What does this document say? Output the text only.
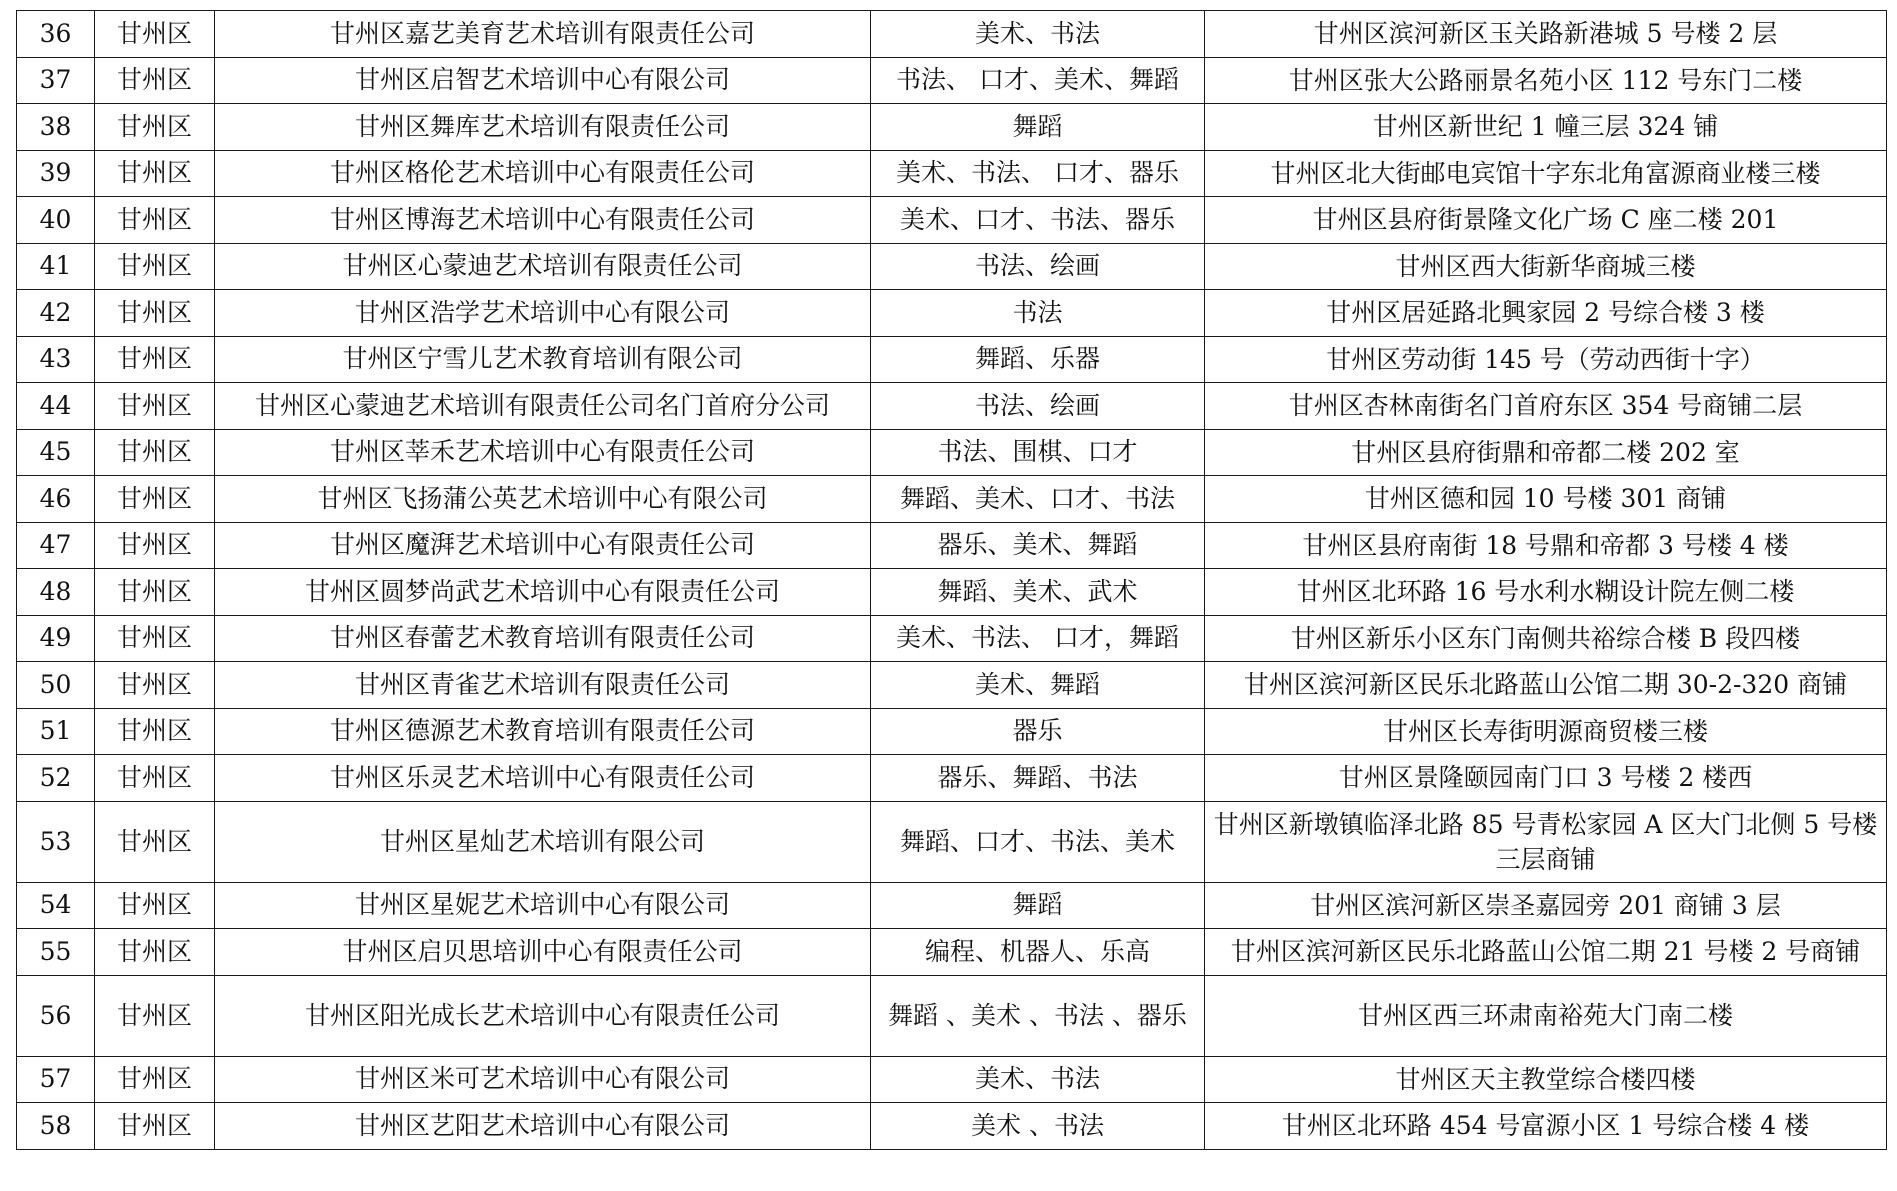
36	甘州区	甘州区嘉艺美育艺术培训有限责任公司	美术、书法	甘州区滨河新区玉关路新港城 5 号楼 2 层
37	甘州区	甘州区启智艺术培训中心有限公司	书法、 口才、美术、舞蹈	甘州区张大公路丽景名苑小区 112 号东门二楼
38	甘州区	甘州区舞库艺术培训有限责任公司	舞蹈	甘州区新世纪 1 幢三层 324 铺
39	甘州区	甘州区格伦艺术培训中心有限责任公司	美术、书法、 口才、器乐	甘州区北大街邮电宾馆十字东北角富源商业楼三楼
40	甘州区	甘州区博海艺术培训中心有限责任公司	美术、口才、书法、器乐	甘州区县府街景隆文化广场 C 座二楼 201
41	甘州区	甘州区心蒙迪艺术培训有限责任公司	书法、绘画	甘州区西大街新华商城三楼
42	甘州区	甘州区浩学艺术培训中心有限公司	书法	甘州区居延路北興家园 2 号综合楼 3 楼
43	甘州区	甘州区宁雪儿艺术教育培训有限公司	舞蹈、乐器	甘州区劳动街 145 号（劳动西街十字）
44	甘州区	甘州区心蒙迪艺术培训有限责任公司名门首府分公司	书法、绘画	甘州区杏林南街名门首府东区 354 号商铺二层
45	甘州区	甘州区莘禾艺术培训中心有限责任公司	书法、围棋、口才	甘州区县府街鼎和帝都二楼 202 室
46	甘州区	甘州区飞扬蒲公英艺术培训中心有限公司	舞蹈、美术、口才、书法	甘州区德和园 10 号楼 301 商铺
47	甘州区	甘州区魔湃艺术培训中心有限责任公司	器乐、美术、舞蹈	甘州区县府南街 18 号鼎和帝都 3 号楼 4 楼
48	甘州区	甘州区圆梦尚武艺术培训中心有限责任公司	舞蹈、美术、武术	甘州区北环路 16 号水利水糊设计院左侧二楼
49	甘州区	甘州区春蕾艺术教育培训有限责任公司	美术、书法、 口才，舞蹈	甘州区新乐小区东门南侧共裕综合楼 B 段四楼
50	甘州区	甘州区青雀艺术培训有限责任公司	美术、舞蹈	甘州区滨河新区民乐北路蓝山公馆二期 30-2-320 商铺
51	甘州区	甘州区德源艺术教育培训有限责任公司	器乐	甘州区长寿街明源商贸楼三楼
52	甘州区	甘州区乐灵艺术培训中心有限责任公司	器乐、舞蹈、书法	甘州区景隆颐园南门口 3 号楼 2 楼西
53	甘州区	甘州区星灿艺术培训有限公司	舞蹈、口才、书法、美术	甘州区新墩镇临泽北路 85 号青松家园 A 区大门北侧 5 号楼三层商铺
54	甘州区	甘州区星妮艺术培训中心有限公司	舞蹈	甘州区滨河新区崇圣嘉园旁 201 商铺 3 层
55	甘州区	甘州区启贝思培训中心有限责任公司	编程、机器人、乐高	甘州区滨河新区民乐北路蓝山公馆二期 21 号楼 2 号商铺
56	甘州区	甘州区阳光成长艺术培训中心有限责任公司	舞蹈 、美术 、书法 、器乐	甘州区西三环肃南裕苑大门南二楼
57	甘州区	甘州区米可艺术培训中心有限公司	美术、书法	甘州区天主教堂综合楼四楼
58	甘州区	甘州区艺阳艺术培训中心有限公司	美术 、书法	甘州区北环路 454 号富源小区 1 号综合楼 4 楼
